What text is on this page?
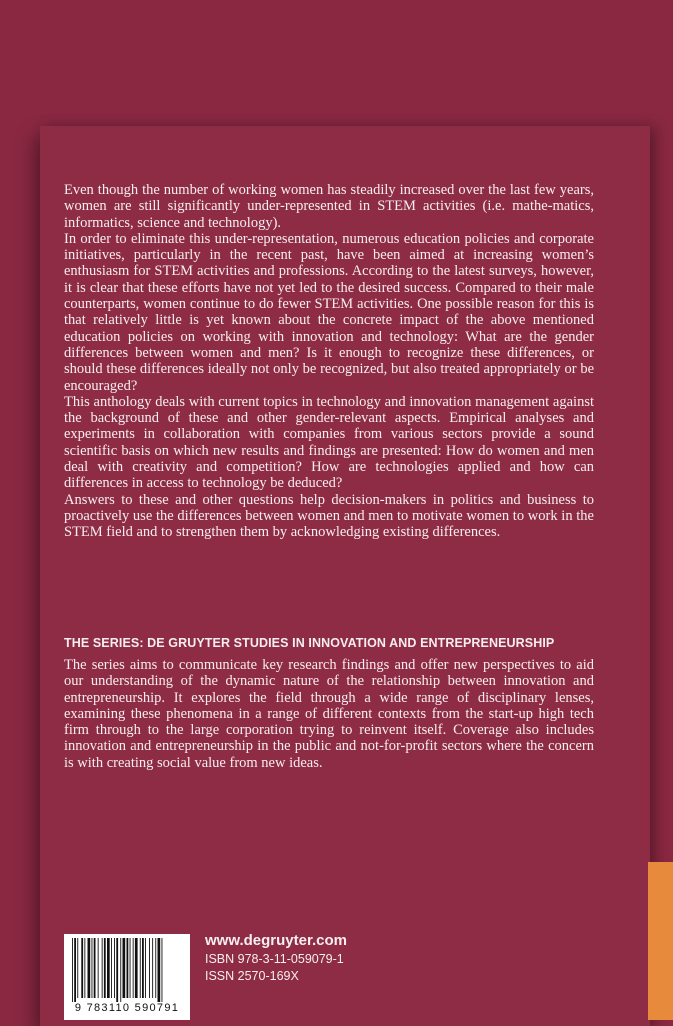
Even though the number of working women has steadily increased over the last few years, women are still significantly under-represented in STEM activities (i.e. mathe-matics, informatics, science and technology).

In order to eliminate this under-representation, numerous education policies and corporate initiatives, particularly in the recent past, have been aimed at increasing women’s enthusiasm for STEM activities and professions. According to the latest surveys, however, it is clear that these efforts have not yet led to the desired success. Compared to their male counterparts, women continue to do fewer STEM activities. One possible reason for this is that relatively little is yet known about the concrete impact of the above mentioned education policies on working with innovation and technology: What are the gender differences between women and men? Is it enough to recognize these differences, or should these differences ideally not only be recognized, but also treated appropriately or be encouraged?

This anthology deals with current topics in technology and innovation management against the background of these and other gender-relevant aspects. Empirical analyses and experiments in collaboration with companies from various sectors provide a sound scientific basis on which new results and findings are presented: How do women and men deal with creativity and competition? How are technologies applied and how can differences in access to technology be deduced?

Answers to these and other questions help decision-makers in politics and business to proactively use the differences between women and men to motivate women to work in the STEM field and to strengthen them by acknowledging existing differences.

THE SERIES: DE GRUYTER STUDIES IN INNOVATION AND ENTREPRENEURSHIP

The series aims to communicate key research findings and offer new perspectives to aid our understanding of the dynamic nature of the relationship between innovation and entrepreneurship. It explores the field through a wide range of disciplinary lenses, examining these phenomena in a range of different contexts from the start-up high tech firm through to the large corporation trying to reinvent itself. Coverage also includes innovation and entrepreneurship in the public and not-for-profit sectors where the concern is with creating social value from new ideas.

9 783110 590791
www.degruyter.com
ISBN 978-3-11-059079-1
ISSN 2570-169X
